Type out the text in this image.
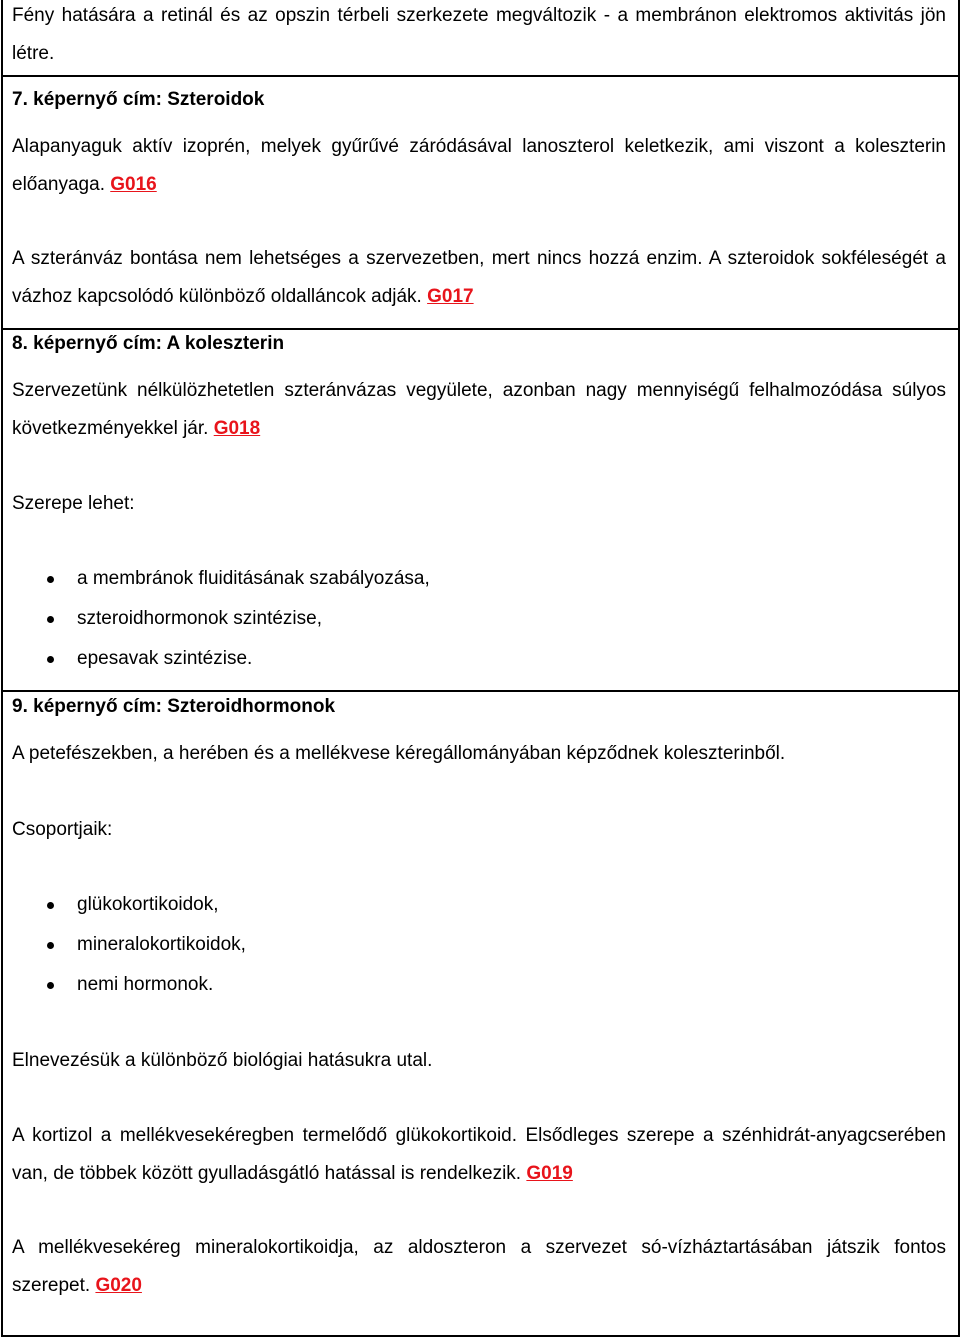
Fény hatására a retinál és az opszin térbeli szerkezete megváltozik - a membránon elektromos aktivitás jön létre.

7. képernyő cím: Szteroidok

Alapanyaguk aktív izoprén, melyek gyűrűvé záródásával lanoszterol keletkezik, ami viszont a koleszterin előanyaga. G016

A szteránváz bontása nem lehetséges a szervezetben, mert nincs hozzá enzim. A szteroidok sokféleségét a vázhoz kapcsolódó különböző oldalláncok adják. G017

8. képernyő cím: A koleszterin

Szervezetünk nélkülözhetetlen szteránvázas vegyülete, azonban nagy mennyiségű felhalmozódása súlyos következményekkel jár. G018

Szerepe lehet:

a membránok fluiditásának szabályozása,
szteroidhormonok szintézise,
epesavak szintézise.

9. képernyő cím: Szteroidhormonok

A petefészekben, a herében és a mellékvese kéregállományában képződnek koleszterinből.

Csoportjaik:

glükokortikoidok,
mineralokortikoidok,
nemi hormonok.

Elnevezésük a különböző biológiai hatásukra utal.

A kortizol a mellékvesekéregben termelődő glükokortikoid. Elsődleges szerepe a szénhidrát-anyagcserében van, de többek között gyulladásgátló hatással is rendelkezik. G019

A mellékvesekéreg mineralokortikoidja, az aldoszteron a szervezet só-vízháztartásában játszik fontos szerepet. G020
